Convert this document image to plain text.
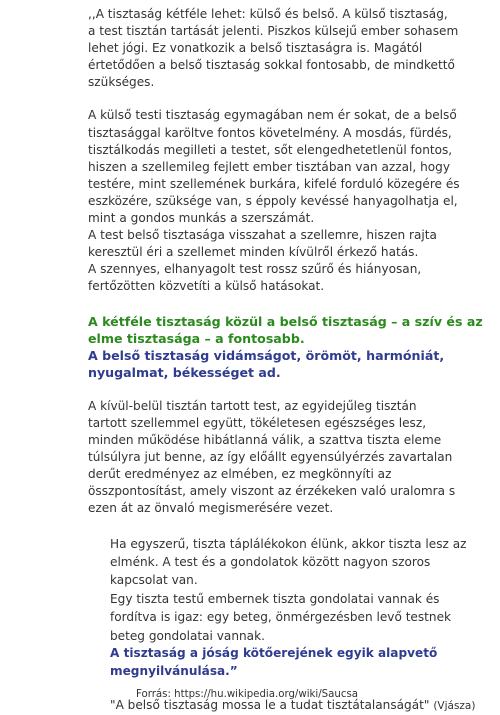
,,A tisztaság kétféle lehet: külső és belső. A külső tisztaság,
a test tisztán tartását jelenti. Piszkos külsejű ember sohasem
lehet jógi. Ez vonatkozik a belső tisztaságra is. Magától
értetődően a belső tisztaság sokkal fontosabb, de mindkettő
szükséges.

A külső testi tisztaság egymagában nem ér sokat, de a belső
tisztasággal karöltve fontos követelmény. A mosdás, fürdés,
tisztálkodás megilleti a testet, sőt elengedhetetlenül fontos,
hiszen a szellemileg fejlett ember tisztában van azzal, hogy
testére, mint szellemének burkára, kifelé forduló közegére és
eszközére, szüksége van, s éppoly kevéssé hanyagolhatja el,
mint a gondos munkás a szerszámát.
A test belső tisztasága visszahat a szellemre, hiszen rajta
keresztül éri a szellemet minden kívülről érkező hatás.
A szennyes, elhanyagolt test rossz szűrő és hiányosan,
fertőzötten közvetíti a külső hatásokat.

A kétféle tisztaság közül a belső tisztaság – a szív és az
elme tisztasága – a fontosabb.
A belső tisztaság vidámságot, örömöt, harmóniát,
nyugalmat, békességet ad.

A kívül-belül tisztán tartott test, az egyidejűleg tisztán
tartott szellemmel együtt, tökéletesen egészséges lesz,
minden működése hibátlanná válik, a szattva tiszta eleme
túlsúlyra jut benne, az így előállt egyensúlyérzés zavartalan
derűt eredményez az elmében, ez megkönnyíti az
összpontosítást, amely viszont az érzékeken való uralomra s
ezen át az önvaló megismerésére vezet.

Ha egyszerű, tiszta táplálékokon élünk, akkor tiszta lesz az
elménk. A test és a gondolatok között nagyon szoros
kapcsolat van.
Egy tiszta testű embernek tiszta gondolatai vannak és
fordítva is igaz: egy beteg, önmérgezésben levő testnek
beteg gondolatai vannak.
A tisztaság a jóság kötőerejének egyik alapvető
megnyilvánulása.”
"A belső tisztaság mossa le a tudat tisztátalanságát" (Vjásza)
Forrás: https://hu.wikipedia.org/wiki/Saucsa
